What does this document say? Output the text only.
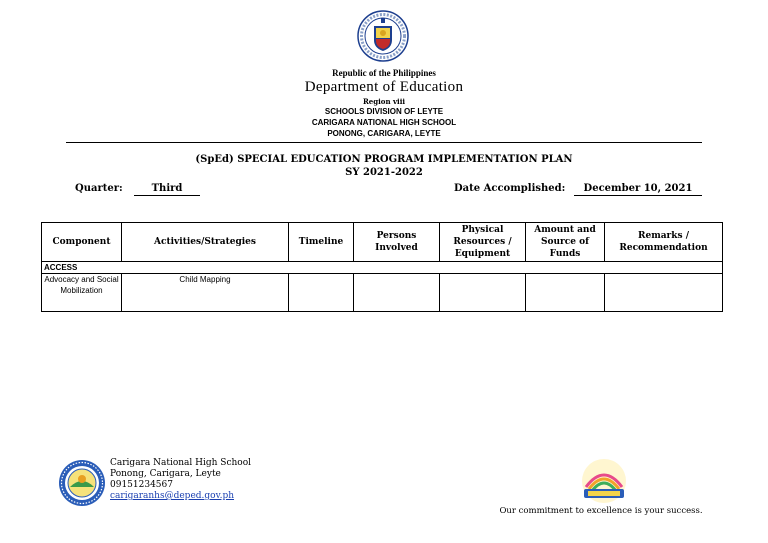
Republic of the Philippines
Department of Education
Region viii
SCHOOLS DIVISION OF LEYTE
CARIGARA NATIONAL HIGH SCHOOL
PONONG, CARIGARA, LEYTE
(SpEd) SPECIAL EDUCATION PROGRAM IMPLEMENTATION PLAN
SY 2021-2022
Quarter:	Third	Date Accomplished:	December 10, 2021
Component	Activities/Strategies	Timeline	Persons Involved	Physical Resources / Equipment	Amount and Source of Funds	Remarks / Recommendation
ACCESS						
Advocacy and Social Mobilization	Child Mapping					
Carigara National High School
Ponong, Carigara, Leyte
09151234567
carigaranhs@deped.gov.ph
Our commitment to excellence is your success.
